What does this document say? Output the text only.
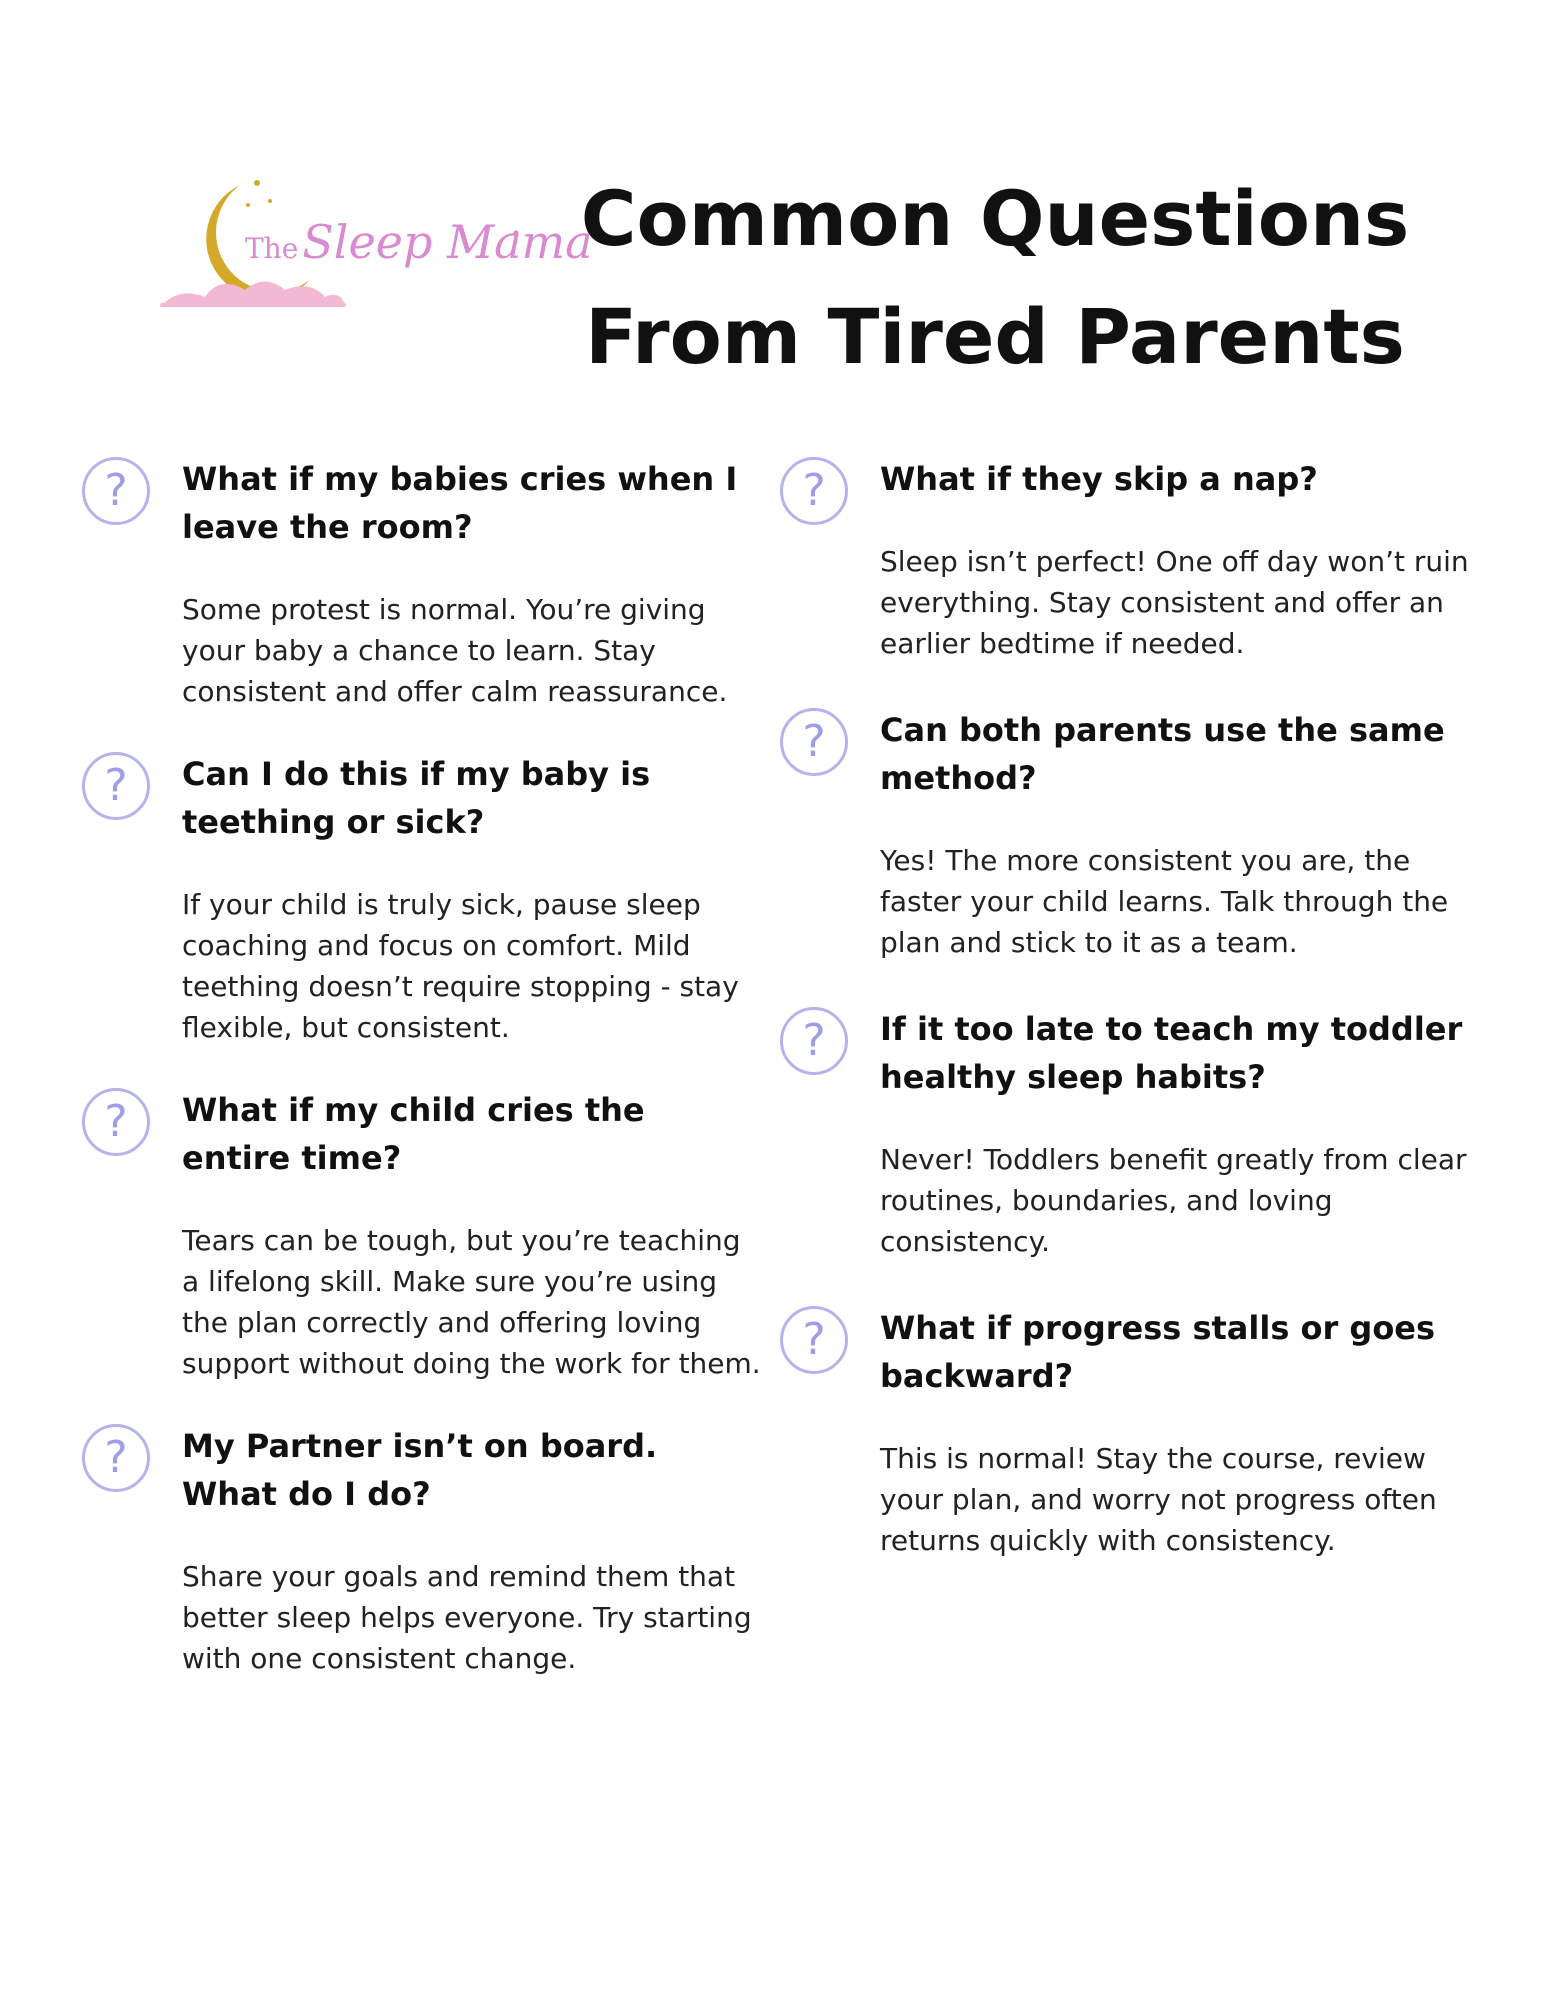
TheSleep Mama
Common Questions
From Tired Parents
?	What if my babies cries when I leave the room?

Some protest is normal. You’re giving your baby a chance to learn. Stay consistent and offer calm reassurance.

?	Can I do this if my baby is teething or sick?

If your child is truly sick, pause sleep coaching and focus on comfort. Mild teething doesn’t require stopping - stay flexible, but consistent.

?	What if my child cries the entire time?

Tears can be tough, but you’re teaching a lifelong skill. Make sure you’re using the plan correctly and offering loving support without doing the work for them.

?	My Partner isn’t on board. What do I do?

Share your goals and remind them that better sleep helps everyone. Try starting with one consistent change.

?	What if they skip a nap?

Sleep isn’t perfect! One off day won’t ruin everything. Stay consistent and offer an earlier bedtime if needed.

?	Can both parents use the same method?

Yes! The more consistent you are, the faster your child learns. Talk through the plan and stick to it as a team.

?	If it too late to teach my toddler healthy sleep habits?

Never! Toddlers benefit greatly from clear routines, boundaries, and loving consistency.

?	What if progress stalls or goes backward?

This is normal! Stay the course, review your plan, and worry not progress often returns quickly with consistency.
